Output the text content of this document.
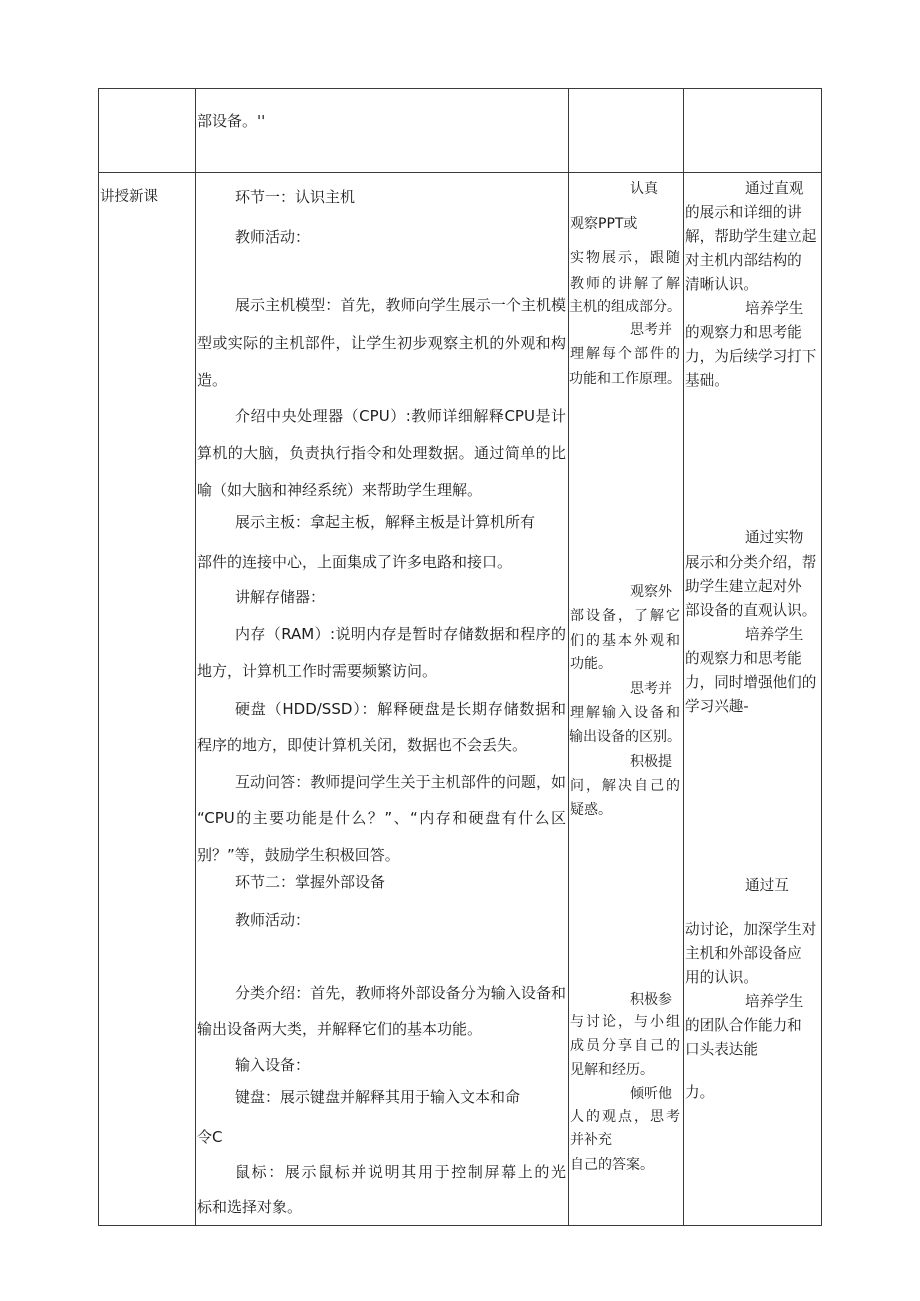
部设备。''
讲授新课	环节一：认识主机
教师活动：
展示主机模型：首先，教师向学生展示一个主机模
型或实际的主机部件，让学生初步观察主机的外观和构
造。
介绍中央处理器（CPU）:教师详细解释CPU是计
算机的大脑，负责执行指令和处理数据。通过简单的比
喻（如大脑和神经系统）来帮助学生理解。
展示主板：拿起主板，解释主板是计算机所有
部件的连接中心，上面集成了许多电路和接口。
讲解存储器：
内存（RAM）:说明内存是暂时存储数据和程序的
地方，计算机工作时需要频繁访问。
硬盘（HDD/SSD）：解释硬盘是长期存储数据和
程序的地方，即使计算机关闭，数据也不会丢失。
互动问答：教师提问学生关于主机部件的问题，如
“CPU的主要功能是什么？”、“内存和硬盘有什么区
别？”等，鼓励学生积极回答。
环节二：掌握外部设备
教师活动：
分类介绍：首先，教师将外部设备分为输入设备和
输出设备两大类，并解释它们的基本功能。
输入设备：
键盘：展示键盘并解释其用于输入文本和命
令C
鼠标：展示鼠标并说明其用于控制屏幕上的光
标和选择对象。
认真
观察PPT或
实物展示，跟随
教师的讲解了解
主机的组成部分。
思考并
理解每个部件的
功能和工作原理。
观察外
部设备，了解它
们的基本外观和
功能。
思考并
理解输入设备和
输出设备的区别。
积极提
问，解决自己的
疑惑。
积极参
与讨论，与小组
成员分享自己的
见解和经历。
倾听他
人的观点，思考
并补充
自己的答案。
通过直观
的展示和详细的讲
解，帮助学生建立起
对主机内部结构的
清晰认识。
培养学生
的观察力和思考能
力，为后续学习打下
基础。
通过实物
展示和分类介绍，帮
助学生建立起对外
部设备的直观认识。
培养学生
的观察力和思考能
力，同时增强他们的
学习兴趣-
通过互
动讨论，加深学生对
主机和外部设备应
用的认识。
培养学生
的团队合作能力和
口头表达能
力。
